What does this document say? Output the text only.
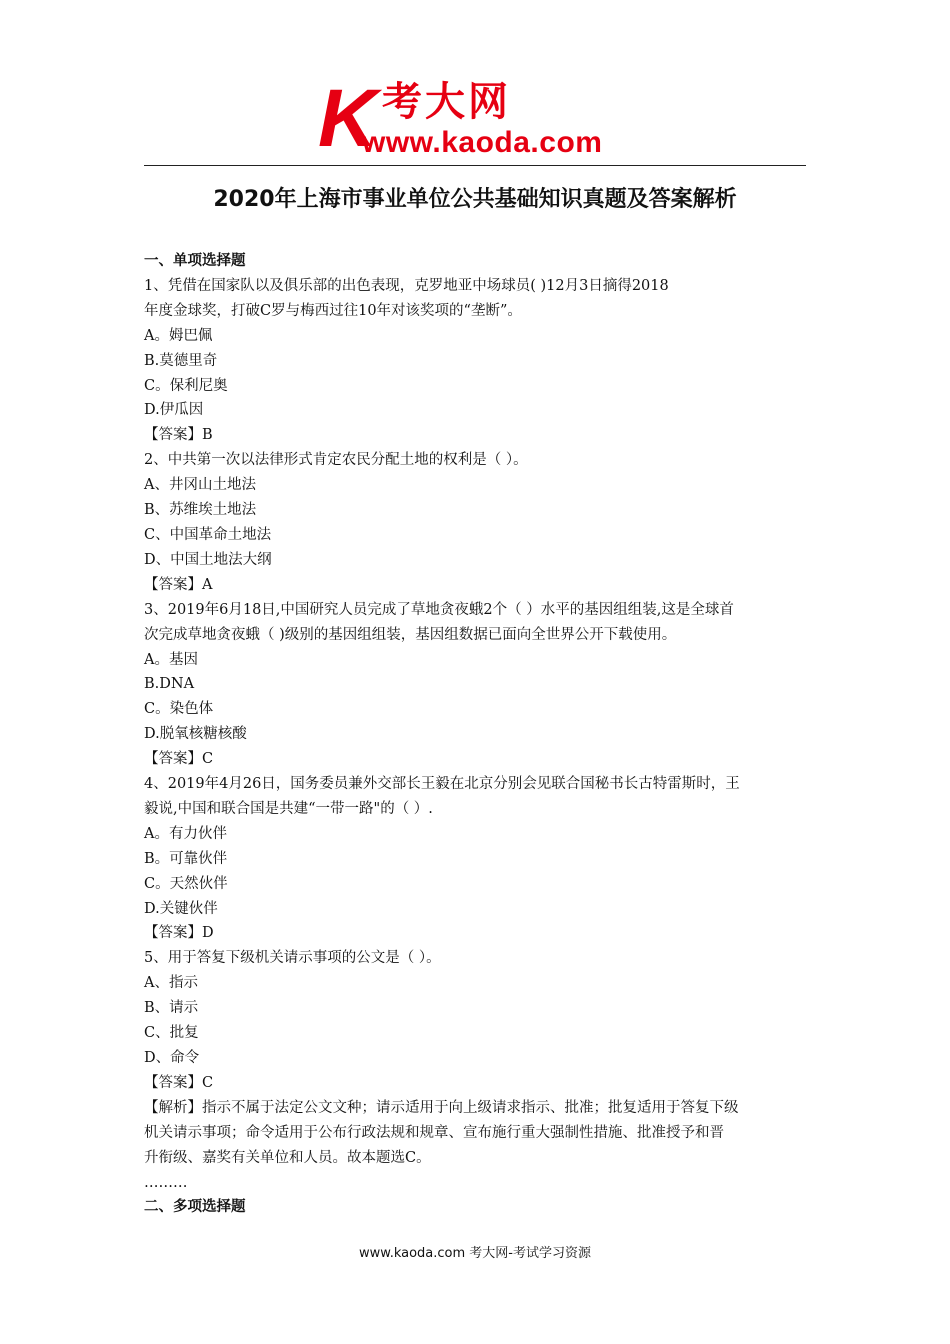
K 考大网
www.kaoda.com
2020年上海市事业单位公共基础知识真题及答案解析
一、单项选择题
1、凭借在国家队以及俱乐部的出色表现，克罗地亚中场球员( )12月3日摘得2018
年度金球奖，打破C罗与梅西过往10年对该奖项的“垄断”。
A。姆巴佩
B.莫德里奇
C。保利尼奥
D.伊瓜因
【答案】B
2、中共第一次以法律形式肯定农民分配土地的权利是（ ）。
A、井冈山土地法
B、苏维埃土地法
C、中国革命土地法
D、中国土地法大纲
【答案】A
3、2019年6月18日,中国研究人员完成了草地贪夜蛾2个（ ）水平的基因组组装,这是全球首
次完成草地贪夜蛾（ )级别的基因组组装，基因组数据已面向全世界公开下载使用。
A。基因
B.DNA
C。染色体
D.脱氧核糖核酸
【答案】C
4、2019年4月26日，国务委员兼外交部长王毅在北京分别会见联合国秘书长古特雷斯时，王
毅说,中国和联合国是共建“一带一路"的（ ）.
A。有力伙伴
B。可靠伙伴
C。天然伙伴
D.关键伙伴
【答案】D
5、用于答复下级机关请示事项的公文是（ ）。
A、指示
B、请示
C、批复
D、命令
【答案】C
【解析】指示不属于法定公文文种；请示适用于向上级请求指示、批准；批复适用于答复下级
机关请示事项；命令适用于公布行政法规和规章、宣布施行重大强制性措施、批准授予和晋
升衔级、嘉奖有关单位和人员。故本题选C。
………
二、多项选择题
www.kaoda.com 考大网-考试学习资源
